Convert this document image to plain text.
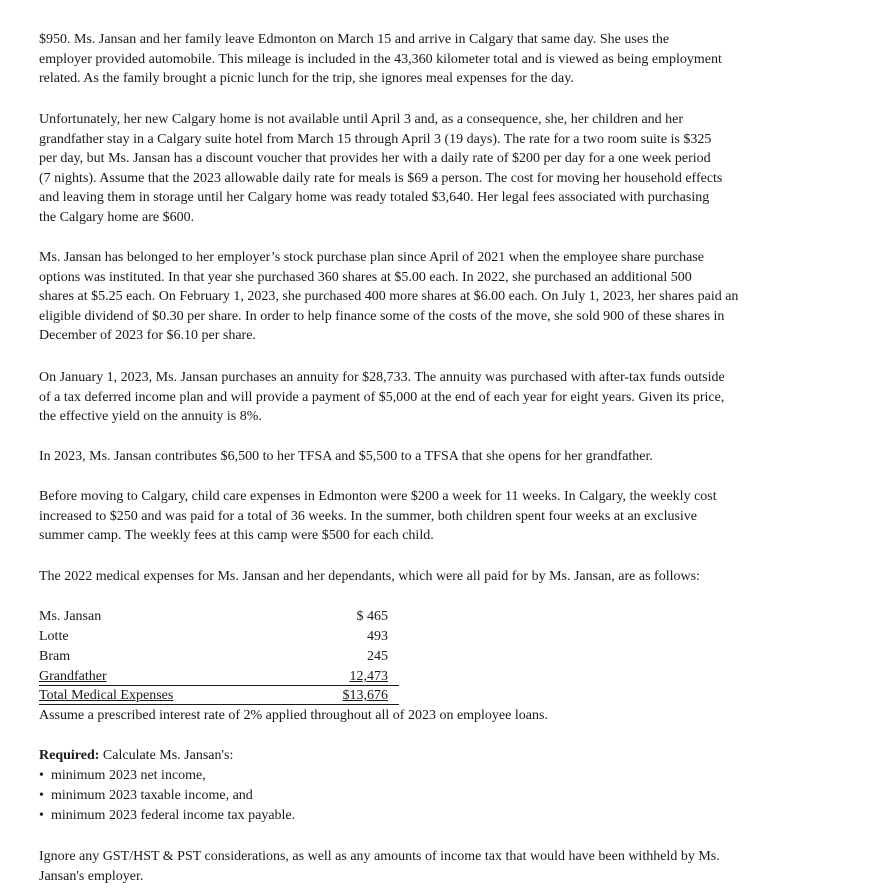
$950. Ms. Jansan and her family leave Edmonton on March 15 and arrive in Calgary that same day. She uses the
employer provided automobile. This mileage is included in the 43,360 kilometer total and is viewed as being employment
related. As the family brought a picnic lunch for the trip, she ignores meal expenses for the day.
Unfortunately, her new Calgary home is not available until April 3 and, as a consequence, she, her children and her
grandfather stay in a Calgary suite hotel from March 15 through April 3 (19 days). The rate for a two room suite is $325
per day, but Ms. Jansan has a discount voucher that provides her with a daily rate of $200 per day for a one week period
(7 nights). Assume that the 2023 allowable daily rate for meals is $69 a person. The cost for moving her household effects
and leaving them in storage until her Calgary home was ready totaled $3,640. Her legal fees associated with purchasing
the Calgary home are $600.
Ms. Jansan has belonged to her employer’s stock purchase plan since April of 2021 when the employee share purchase
options was instituted. In that year she purchased 360 shares at $5.00 each. In 2022, she purchased an additional 500
shares at $5.25 each. On February 1, 2023, she purchased 400 more shares at $6.00 each. On July 1, 2023, her shares paid an
eligible dividend of $0.30 per share. In order to help finance some of the costs of the move, she sold 900 of these shares in
December of 2023 for $6.10 per share.
On January 1, 2023, Ms. Jansan purchases an annuity for $28,733. The annuity was purchased with after-tax funds outside
of a tax deferred income plan and will provide a payment of $5,000 at the end of each year for eight years. Given its price,
the effective yield on the annuity is 8%.
In 2023, Ms. Jansan contributes $6,500 to her TFSA and $5,500 to a TFSA that she opens for her grandfather.
Before moving to Calgary, child care expenses in Edmonton were $200 a week for 11 weeks. In Calgary, the weekly cost
increased to $250 and was paid for a total of 36 weeks. In the summer, both children spent four weeks at an exclusive
summer camp. The weekly fees at this camp were $500 for each child.
The 2022 medical expenses for Ms. Jansan and her dependants, which were all paid for by Ms. Jansan, are as follows:
Ms. Jansan	$ 465
Lotte	493
Bram	245
Grandfather	12,473
Total Medical Expenses	$13,676
Assume a prescribed interest rate of 2% applied throughout all of 2023 on employee loans.
Required: Calculate Ms. Jansan's:
• minimum 2023 net income,
• minimum 2023 taxable income, and
• minimum 2023 federal income tax payable.
Ignore any GST/HST & PST considerations, as well as any amounts of income tax that would have been withheld by Ms.
Jansan's employer.
